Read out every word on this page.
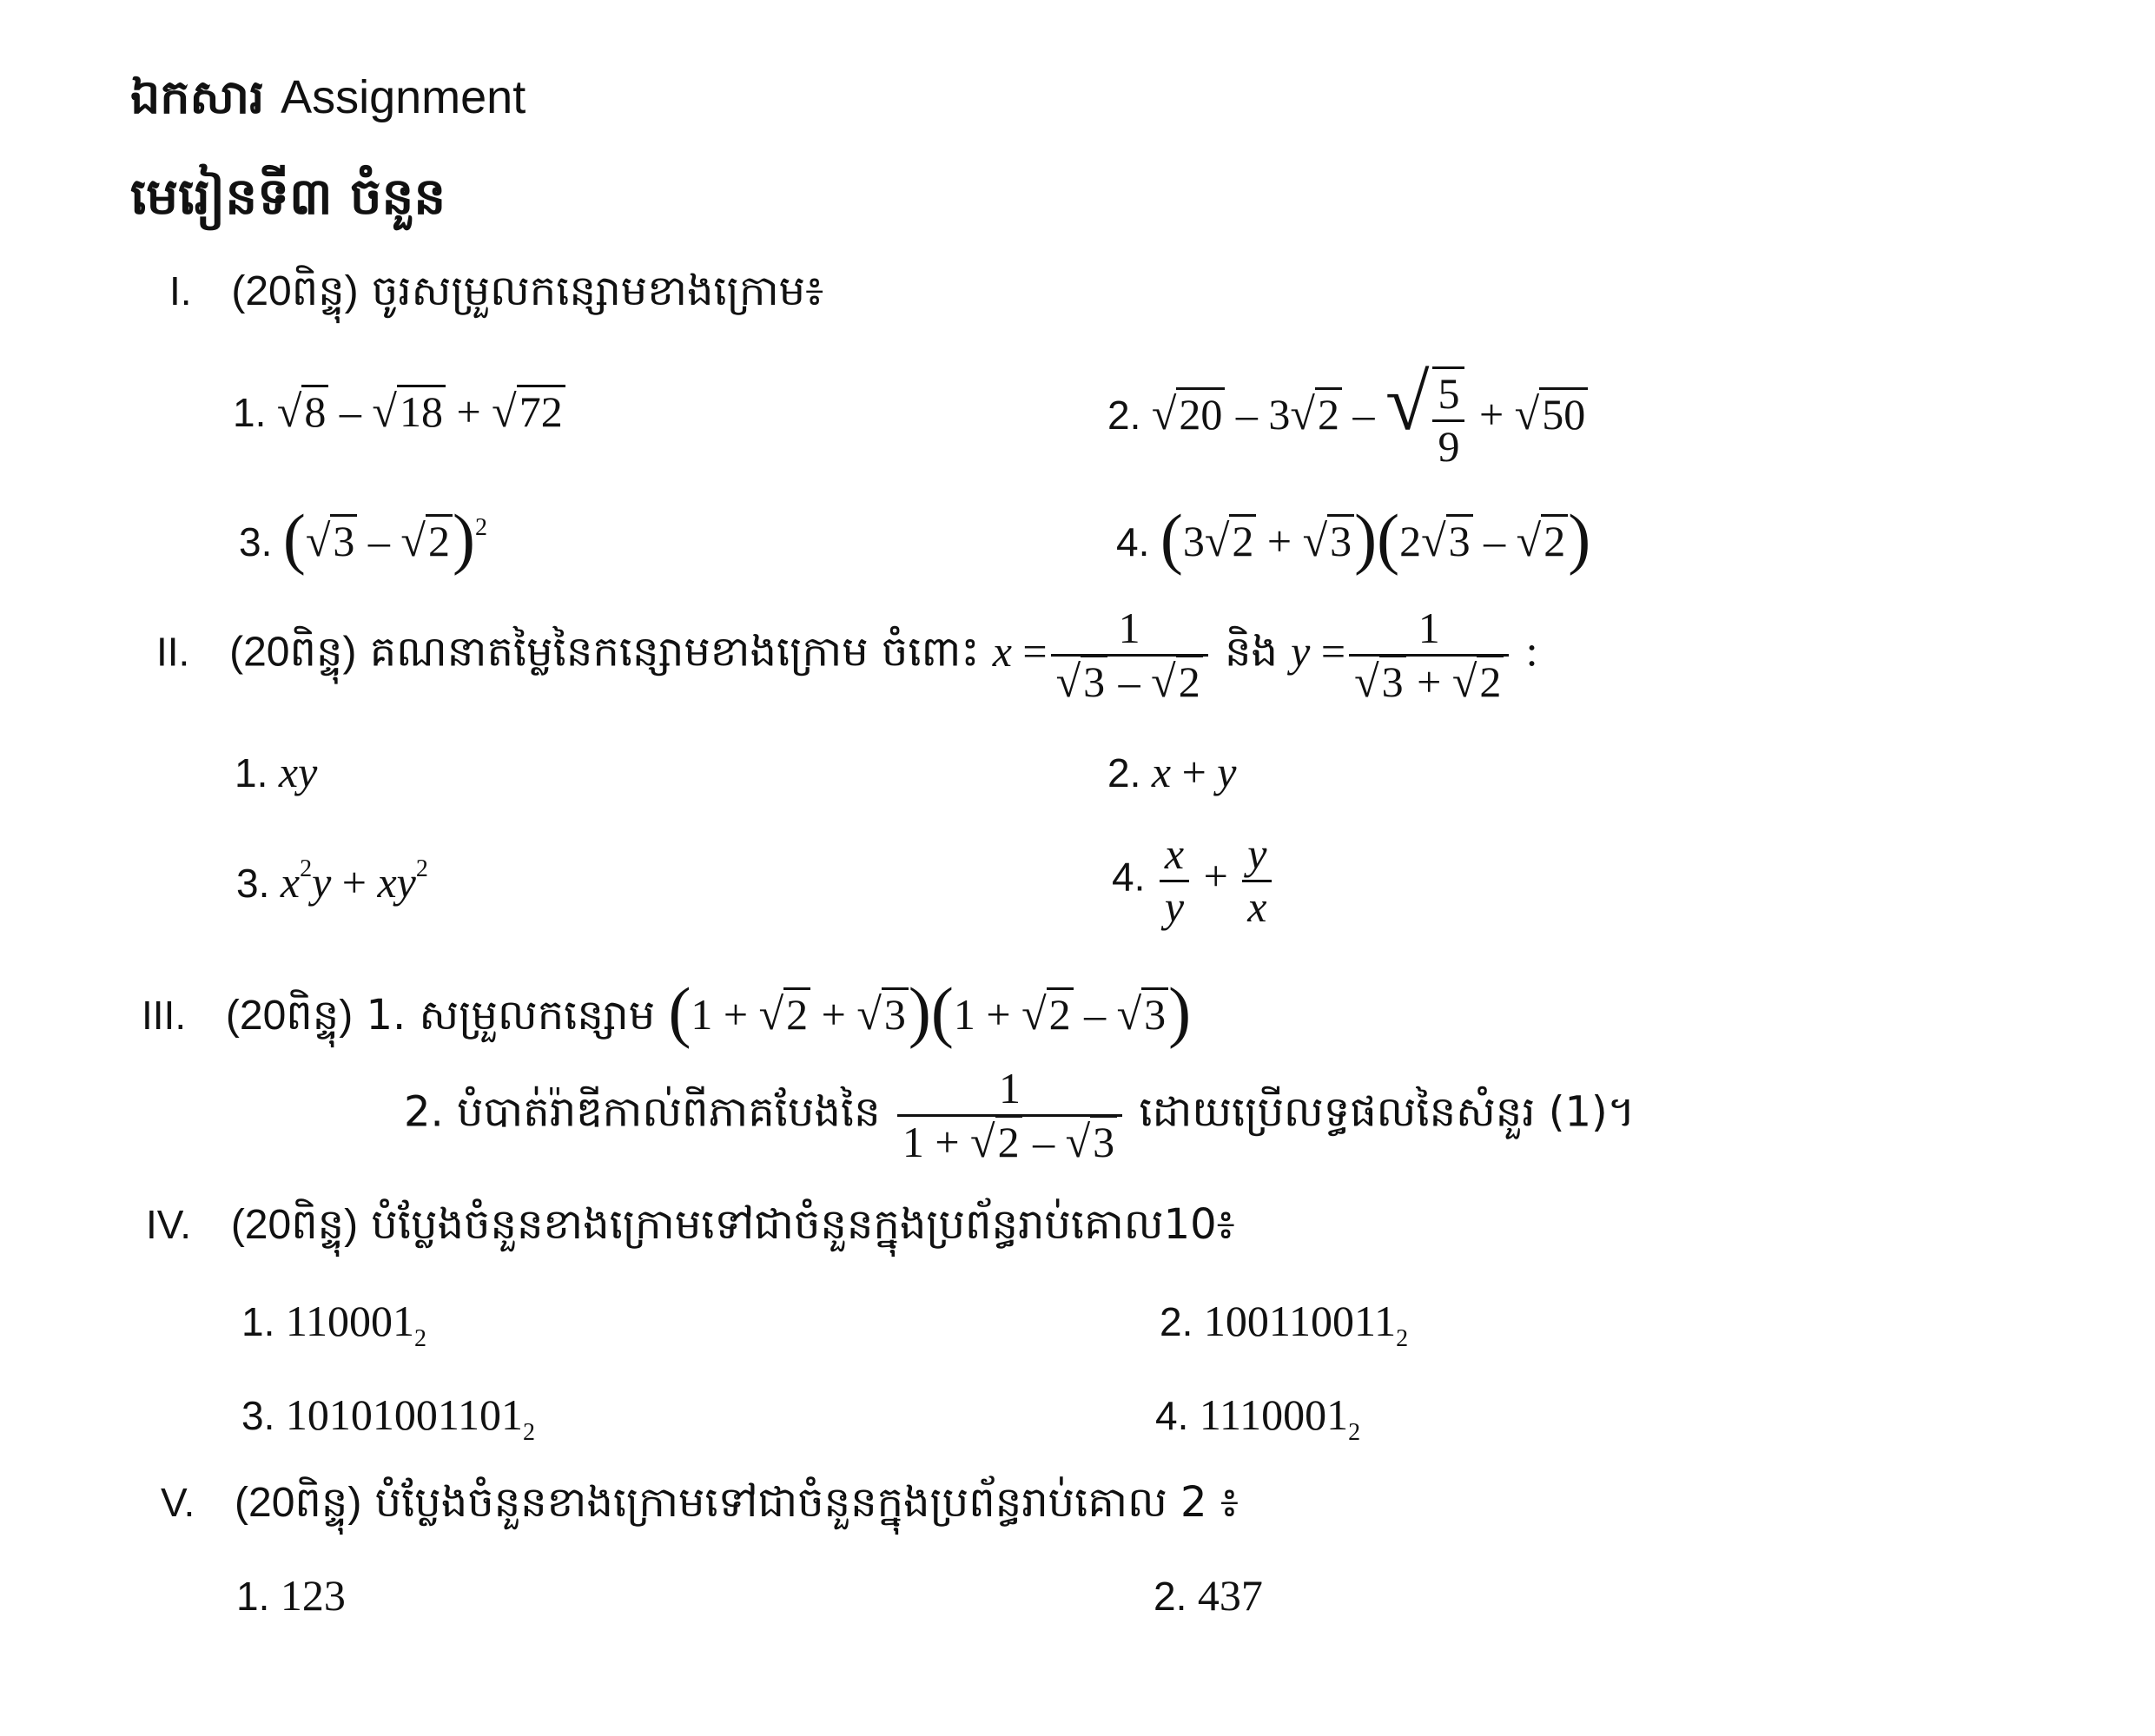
ឯកសារ Assignment
មេរៀនទី៣ ចំនួន
I. (20ពិន្ទុ) ចូរសម្រួលកន្សោមខាងក្រោម៖
1. √8 – √18 + √72	2. √20 – 3√2 – √ $\frac{5}{9} + √50$
3. (√3 – √2)$^2$	4. (3√2 + √3)(2√3 – √2)
II. (20ពិន្ទុ) គណនាតម្លៃនៃកន្សោមខាងក្រោម ចំពោះ $x = \frac{1}{√3 - √2}$ និង $y = \frac{1}{√3 + √2}$ :
1. xy	2. x + y
3. $x^2y + xy^2$	4. $\frac{x}{y} + \frac{y}{x}$
III. (20ពិន្ទុ) 1. សម្រួលកន្សោម (1 + √2 + √3)(1 + √2 – √3)
2. បំបាត់រ៉ាឌីកាល់ពីភាគបែងនៃ $\frac{1}{1 + √2 - √3}$ ដោយប្រើលទ្ធផលនៃសំនួរ (1)។
IV. (20ពិន្ទុ) បំប្លែងចំនួនខាងក្រោមទៅជាចំនួនក្នុងប្រព័ន្ធរាប់គោល10៖
1. $110001_2$	2. $100110011_2$
3. $10101001101_2$	4. $1110001_2$
V. (20ពិន្ទុ) បំប្លែងចំនួនខាងក្រោមទៅជាចំនួនក្នុងប្រព័ន្ធរាប់គោល 2 ៖
1. 123	2. 437
